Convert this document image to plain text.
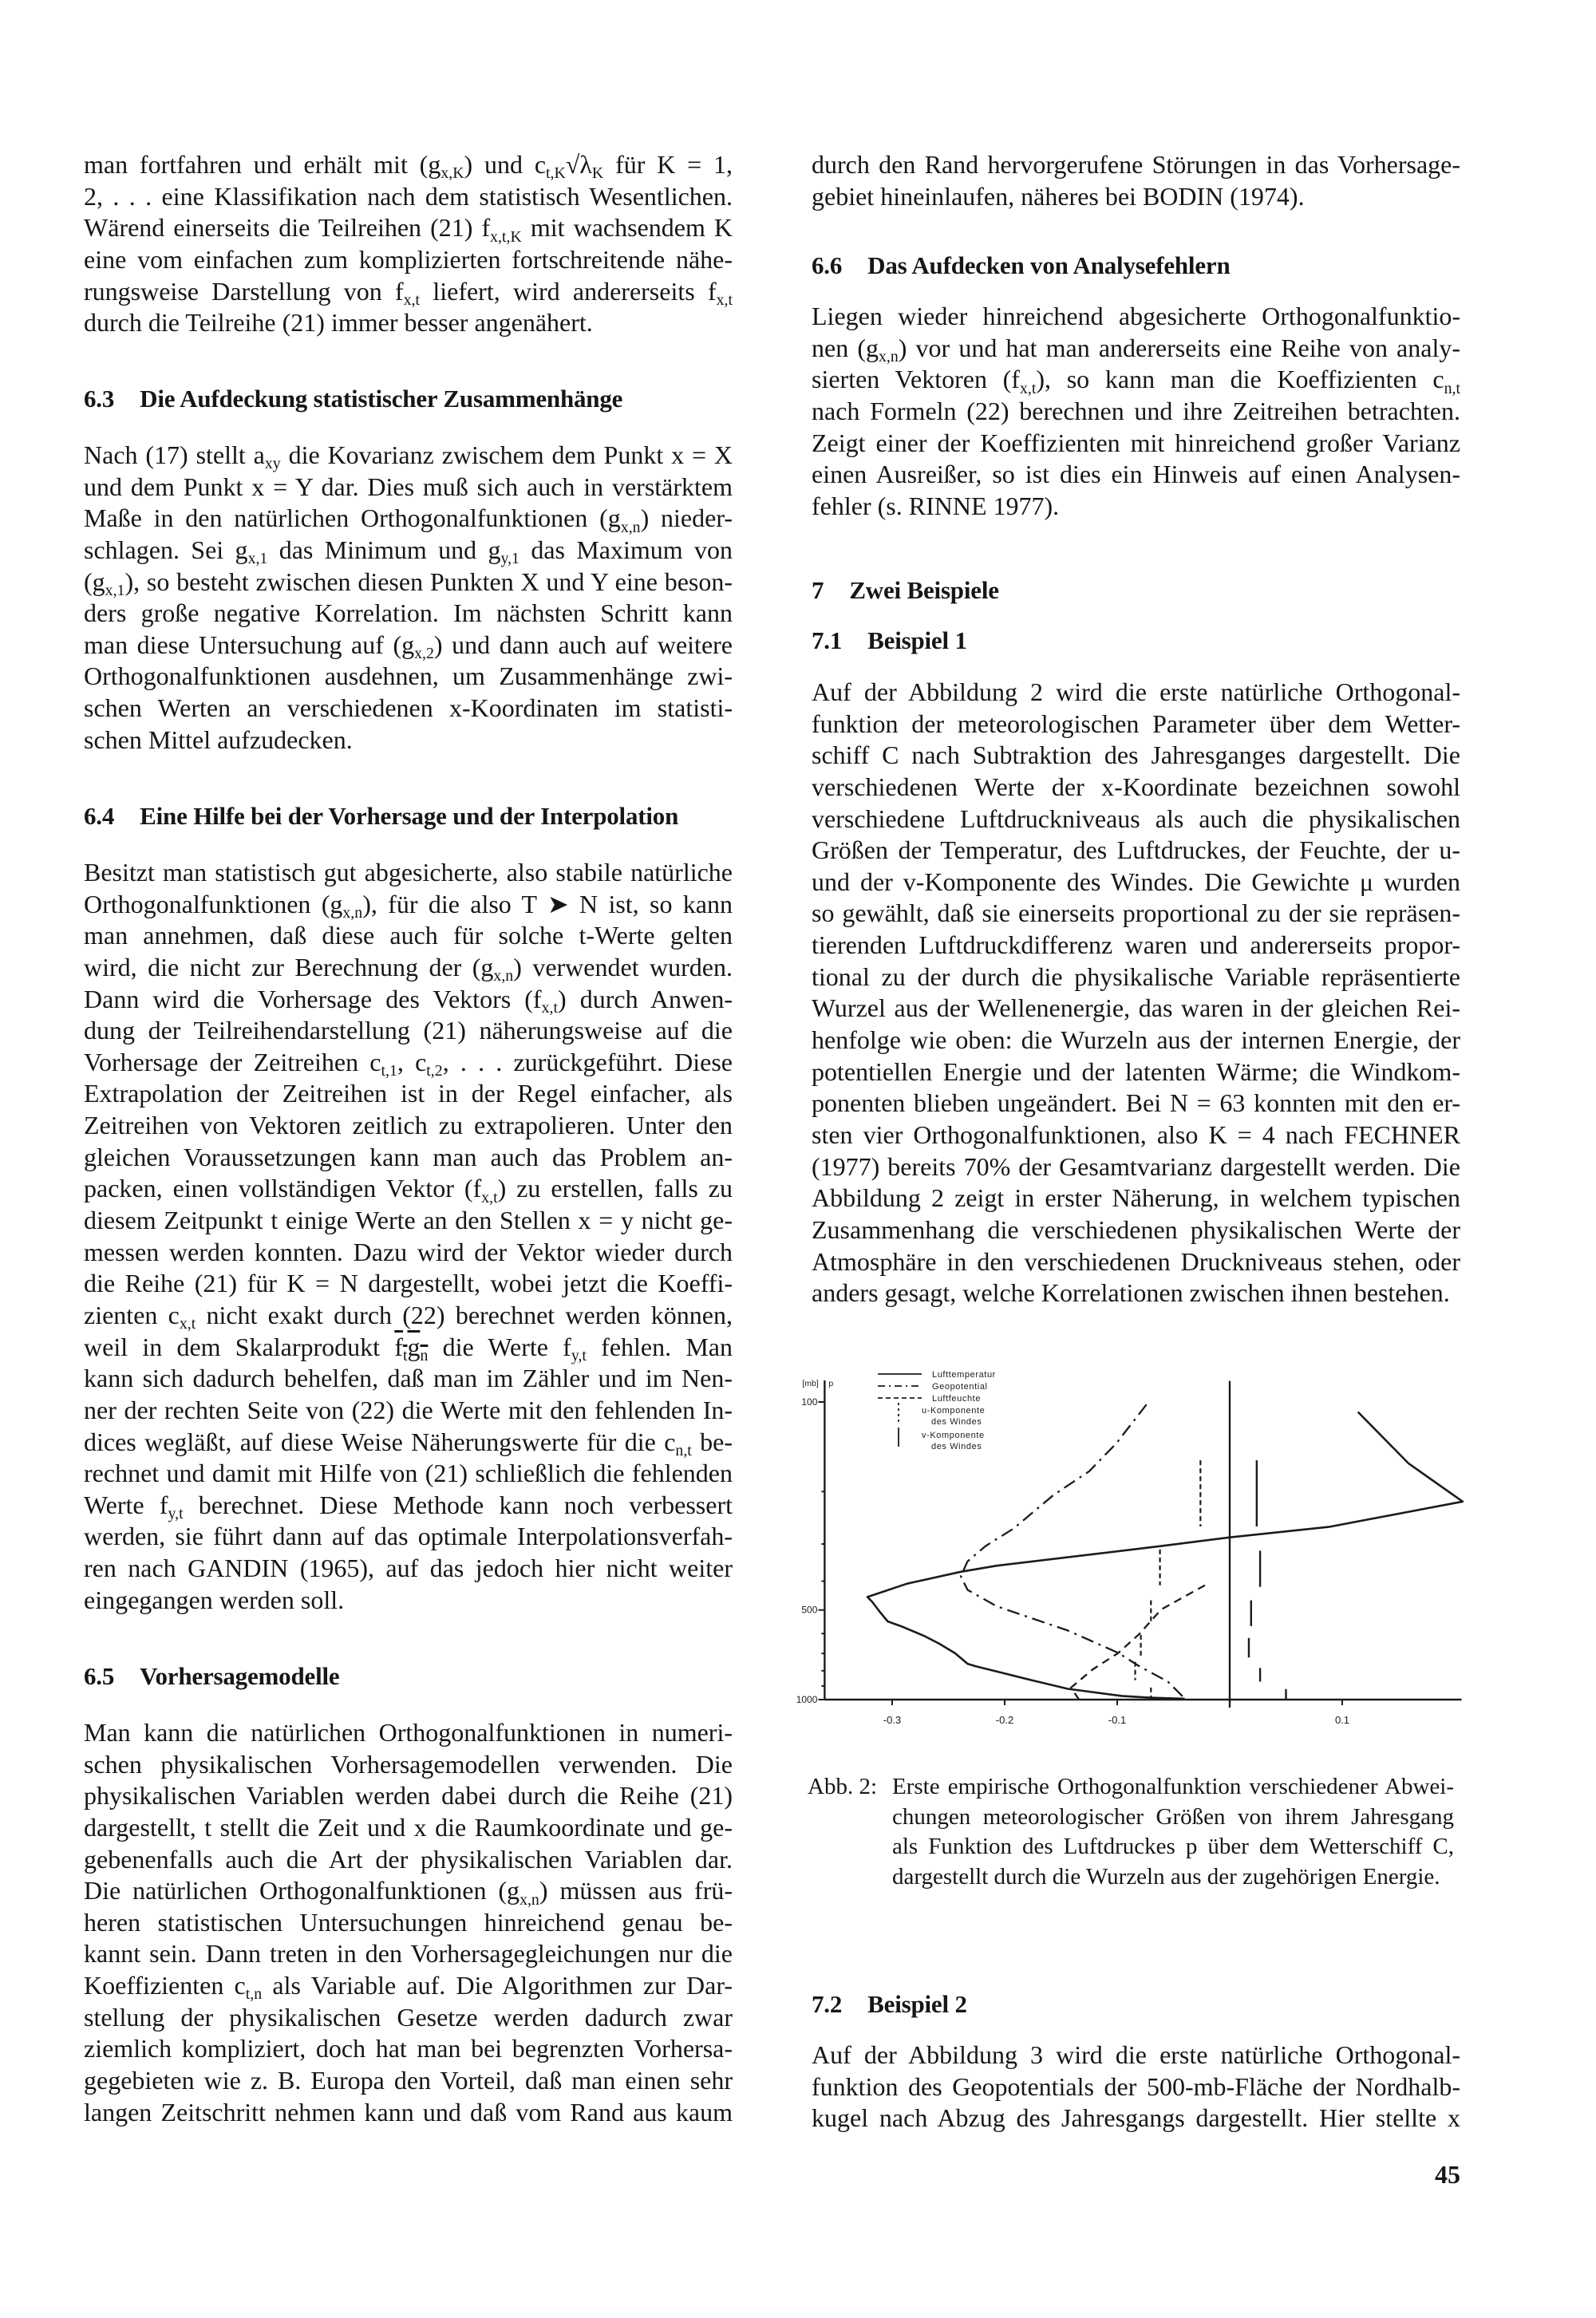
man fortfahren und erhält mit (gx,K) und ct,K√λK für K = 1,
2, . . . eine Klassifikation nach dem statistisch Wesentlichen.
Wärend einerseits die Teilreihen (21) fx,t,K mit wachsendem K
eine vom einfachen zum komplizierten fortschreitende nähe-
rungsweise Darstellung von fx,t liefert, wird andererseits fx,t
durch die Teilreihe (21) immer besser angenähert.
6.3 Die Aufdeckung statistischer Zusammenhänge
Nach (17) stellt axy die Kovarianz zwischem dem Punkt x = X
und dem Punkt x = Y dar. Dies muß sich auch in verstärktem
Maße in den natürlichen Orthogonalfunktionen (gx,n) nieder-
schlagen. Sei gx,1 das Minimum und gy,1 das Maximum von
(gx,1), so besteht zwischen diesen Punkten X und Y eine beson-
ders große negative Korrelation. Im nächsten Schritt kann
man diese Untersuchung auf (gx,2) und dann auch auf weitere
Orthogonalfunktionen ausdehnen, um Zusammenhänge zwi-
schen Werten an verschiedenen x-Koordinaten im statisti-
schen Mittel aufzudecken.
6.4 Eine Hilfe bei der Vorhersage und der Interpolation
Besitzt man statistisch gut abgesicherte, also stabile natürliche
Orthogonalfunktionen (gx,n), für die also T ➤ N ist, so kann
man annehmen, daß diese auch für solche t-Werte gelten
wird, die nicht zur Berechnung der (gx,n) verwendet wurden.
Dann wird die Vorhersage des Vektors (fx,t) durch Anwen-
dung der Teilreihendarstellung (21) näherungsweise auf die
Vorhersage der Zeitreihen ct,1, ct,2, . . . zurückgeführt. Diese
Extrapolation der Zeitreihen ist in der Regel einfacher, als
Zeitreihen von Vektoren zeitlich zu extrapolieren. Unter den
gleichen Voraussetzungen kann man auch das Problem an-
packen, einen vollständigen Vektor (fx,t) zu erstellen, falls zu
diesem Zeitpunkt t einige Werte an den Stellen x = y nicht ge-
messen werden konnten. Dazu wird der Vektor wieder durch
die Reihe (21) für K = N dargestellt, wobei jetzt die Koeffi-
zienten cx,t nicht exakt durch (22) berechnet werden können,
weil in dem Skalarprodukt ftgn die Werte fy,t fehlen. Man
kann sich dadurch behelfen, daß man im Zähler und im Nen-
ner der rechten Seite von (22) die Werte mit den fehlenden In-
dices wegläßt, auf diese Weise Näherungswerte für die cn,t be-
rechnet und damit mit Hilfe von (21) schließlich die fehlenden
Werte fy,t berechnet. Diese Methode kann noch verbessert
werden, sie führt dann auf das optimale Interpolationsverfah-
ren nach GANDIN (1965), auf das jedoch hier nicht weiter
eingegangen werden soll.
6.5 Vorhersagemodelle
Man kann die natürlichen Orthogonalfunktionen in numeri-
schen physikalischen Vorhersagemodellen verwenden. Die
physikalischen Variablen werden dabei durch die Reihe (21)
dargestellt, t stellt die Zeit und x die Raumkoordinate und ge-
gebenenfalls auch die Art der physikalischen Variablen dar.
Die natürlichen Orthogonalfunktionen (gx,n) müssen aus frü-
heren statistischen Untersuchungen hinreichend genau be-
kannt sein. Dann treten in den Vorhersagegleichungen nur die
Koeffizienten ct,n als Variable auf. Die Algorithmen zur Dar-
stellung der physikalischen Gesetze werden dadurch zwar
ziemlich kompliziert, doch hat man bei begrenzten Vorhersa-
gegebieten wie z. B. Europa den Vorteil, daß man einen sehr
langen Zeitschritt nehmen kann und daß vom Rand aus kaum
durch den Rand hervorgerufene Störungen in das Vorhersage-
gebiet hineinlaufen, näheres bei BODIN (1974).
6.6 Das Aufdecken von Analysefehlern
Liegen wieder hinreichend abgesicherte Orthogonalfunktio-
nen (gx,n) vor und hat man andererseits eine Reihe von analy-
sierten Vektoren (fx,t), so kann man die Koeffizienten cn,t
nach Formeln (22) berechnen und ihre Zeitreihen betrachten.
Zeigt einer der Koeffizienten mit hinreichend großer Varianz
einen Ausreißer, so ist dies ein Hinweis auf einen Analysen-
fehler (s. RINNE 1977).
7 Zwei Beispiele
7.1 Beispiel 1
Auf der Abbildung 2 wird die erste natürliche Orthogonal-
funktion der meteorologischen Parameter über dem Wetter-
schiff C nach Subtraktion des Jahresganges dargestellt. Die
verschiedenen Werte der x-Koordinate bezeichnen sowohl
verschiedene Luftdruckniveaus als auch die physikalischen
Größen der Temperatur, des Luftdruckes, der Feuchte, der u-
und der v-Komponente des Windes. Die Gewichte μ wurden
so gewählt, daß sie einerseits proportional zu der sie repräsen-
tierenden Luftdruckdifferenz waren und andererseits propor-
tional zu der durch die physikalische Variable repräsentierte
Wurzel aus der Wellenenergie, das waren in der gleichen Rei-
henfolge wie oben: die Wurzeln aus der internen Energie, der
potentiellen Energie und der latenten Wärme; die Windkom-
ponenten blieben ungeändert. Bei N = 63 konnten mit den er-
sten vier Orthogonalfunktionen, also K = 4 nach FECHNER
(1977) bereits 70% der Gesamtvarianz dargestellt werden. Die
Abbildung 2 zeigt in erster Näherung, in welchem typischen
Zusammenhang die verschiedenen physikalischen Werte der
Atmosphäre in den verschiedenen Druckniveaus stehen, oder
anders gesagt, welche Korrelationen zwischen ihnen bestehen.
7.2 Beispiel 2
Auf der Abbildung 3 wird die erste natürliche Orthogonal-
funktion des Geopotentials der 500-mb-Fläche der Nordhalb-
kugel nach Abzug des Jahresgangs dargestellt. Hier stellte x
100
500
1000
-0.3	-0.2	-0.1	0.1
[mb] p
Lufttemperatur
Geopotential
Luftfeuchte
u-Komponente
des Windes
v-Komponente
des Windes
Abb. 2: Erste empirische Orthogonalfunktion verschiedener Abwei-
chungen meteorologischer Größen von ihrem Jahresgang
als Funktion des Luftdruckes p über dem Wetterschiff C,
dargestellt durch die Wurzeln aus der zugehörigen Energie.
45
